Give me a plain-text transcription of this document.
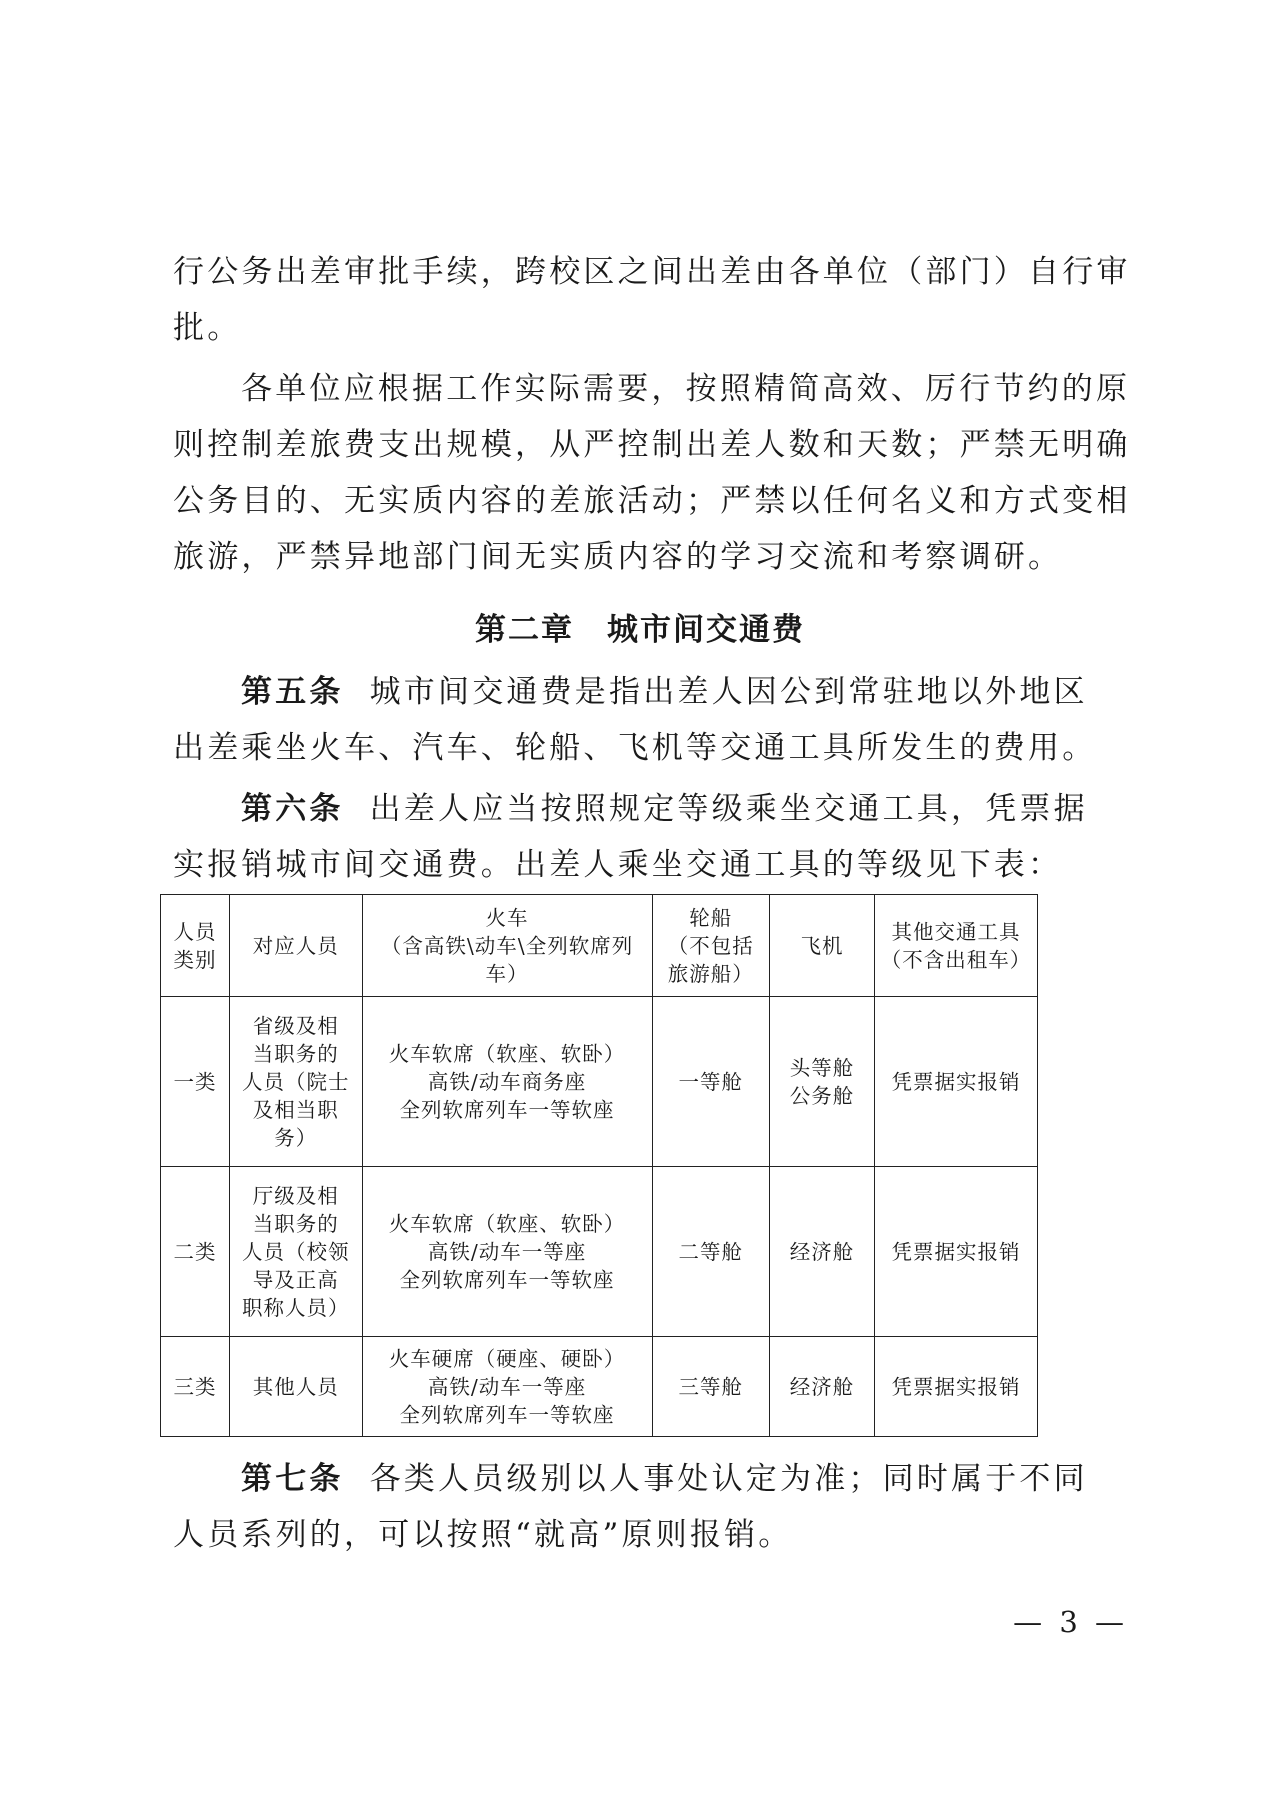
行公务出差审批手续，跨校区之间出差由各单位（部门）自行审
批。
各单位应根据工作实际需要，按照精简高效、厉行节约的原
则控制差旅费支出规模，从严控制出差人数和天数；严禁无明确
公务目的、无实质内容的差旅活动；严禁以任何名义和方式变相
旅游，严禁异地部门间无实质内容的学习交流和考察调研。
第二章　城市间交通费
第五条 城市间交通费是指出差人因公到常驻地以外地区
出差乘坐火车、汽车、轮船、飞机等交通工具所发生的费用。
第六条 出差人应当按照规定等级乘坐交通工具，凭票据
实报销城市间交通费。出差人乘坐交通工具的等级见下表：
人员
类别	对应人员	火车
（含高铁\动车\全列软席列
车）	轮船
（不包括
旅游船）	飞机	其他交通工具
（不含出租车）

一类	省级及相
当职务的
人员（院士
及相当职
务）	火车软席（软座、软卧）
高铁/动车商务座
全列软席列车一等软座	一等舱	头等舱
公务舱	凭票据实报销
二类	厅级及相
当职务的
人员（校领
导及正高
职称人员）	火车软席（软座、软卧）
高铁/动车一等座
全列软席列车一等软座	二等舱	经济舱	凭票据实报销
三类	其他人员	火车硬席（硬座、硬卧）
高铁/动车一等座
全列软席列车一等软座	三等舱	经济舱	凭票据实报销
第七条 各类人员级别以人事处认定为准；同时属于不同
人员系列的，可以按照“就高”原则报销。
— 3 —
